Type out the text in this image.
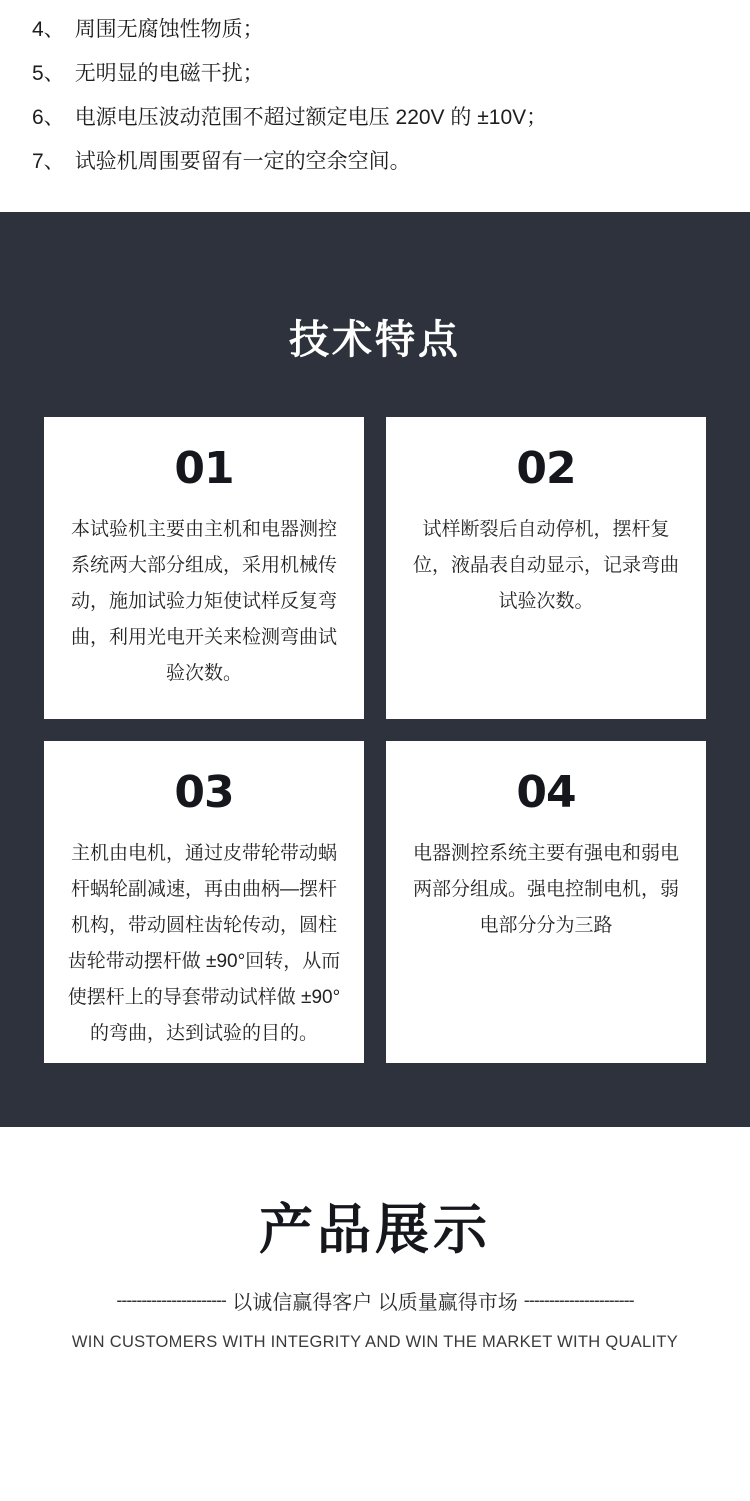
4、 周围无腐蚀性物质；
5、 无明显的电磁干扰；
6、 电源电压波动范围不超过额定电压 220V 的 ±10V；
7、 试验机周围要留有一定的空余空间。
技术特点
01
本试验机主要由主机和电器测控系统两大部分组成，采用机械传动，施加试验力矩使试样反复弯曲，利用光电开关来检测弯曲试验次数。
02
试样断裂后自动停机，摆杆复位，液晶表自动显示，记录弯曲试验次数。
03
主机由电机，通过皮带轮带动蜗杆蜗轮副减速，再由曲柄—摆杆机构，带动圆柱齿轮传动，圆柱齿轮带动摆杆做 ±90°回转，从而使摆杆上的导套带动试样做 ±90°的弯曲，达到试验的目的。
04
电器测控系统主要有强电和弱电两部分组成。强电控制电机，弱电部分分为三路
产品展示
---------------------- 以诚信赢得客户 以质量赢得市场 ----------------------
WIN CUSTOMERS WITH INTEGRITY AND WIN THE MARKET WITH QUALITY
